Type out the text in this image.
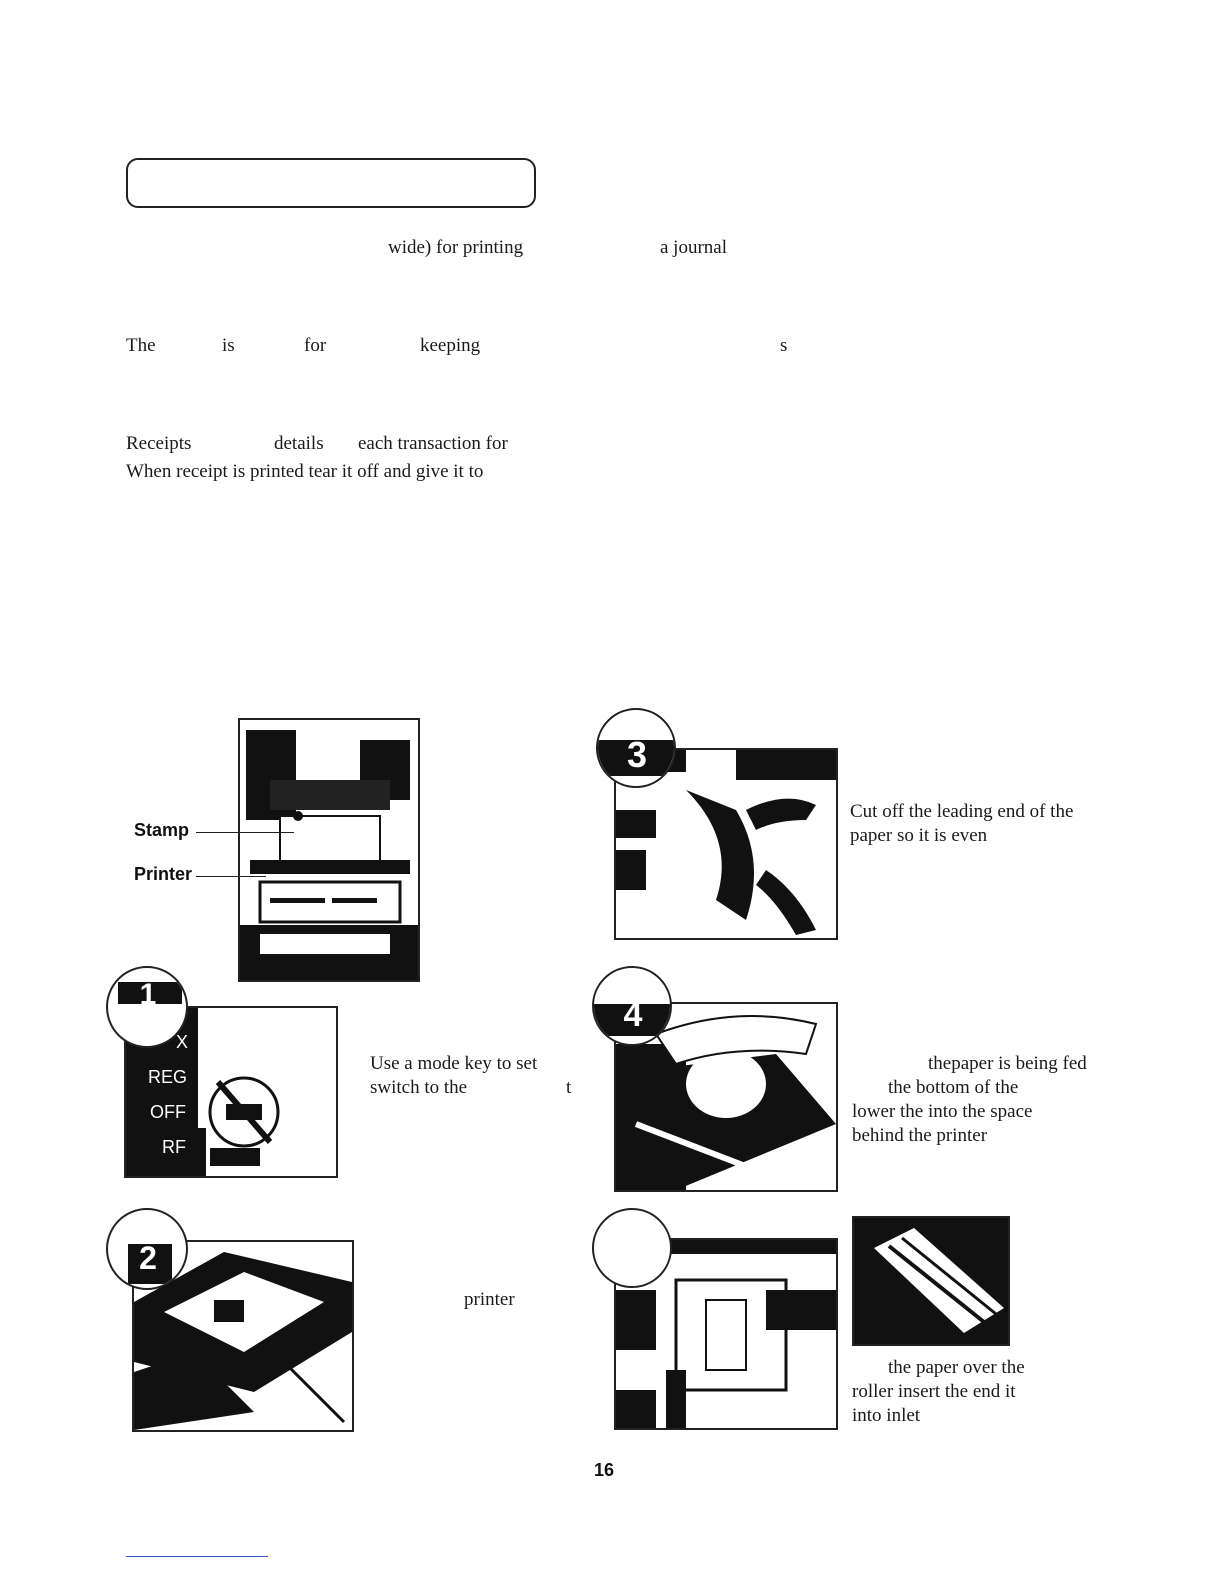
wide) for printing	a journal
The	is	for	keeping	s
Receipts	details each transaction for
When receipt is printed tear it off and give it to
Stamp
Printer
X
REG
OFF
RF
1
Use a mode key to set
switch to the	t
2
printer
3
Cut off the leading end of the
paper so it is even
4
thepaper is being fed
the bottom of the
lower the into the space
behind the printer
5
the paper over the
roller insert the end it
into inlet
16
